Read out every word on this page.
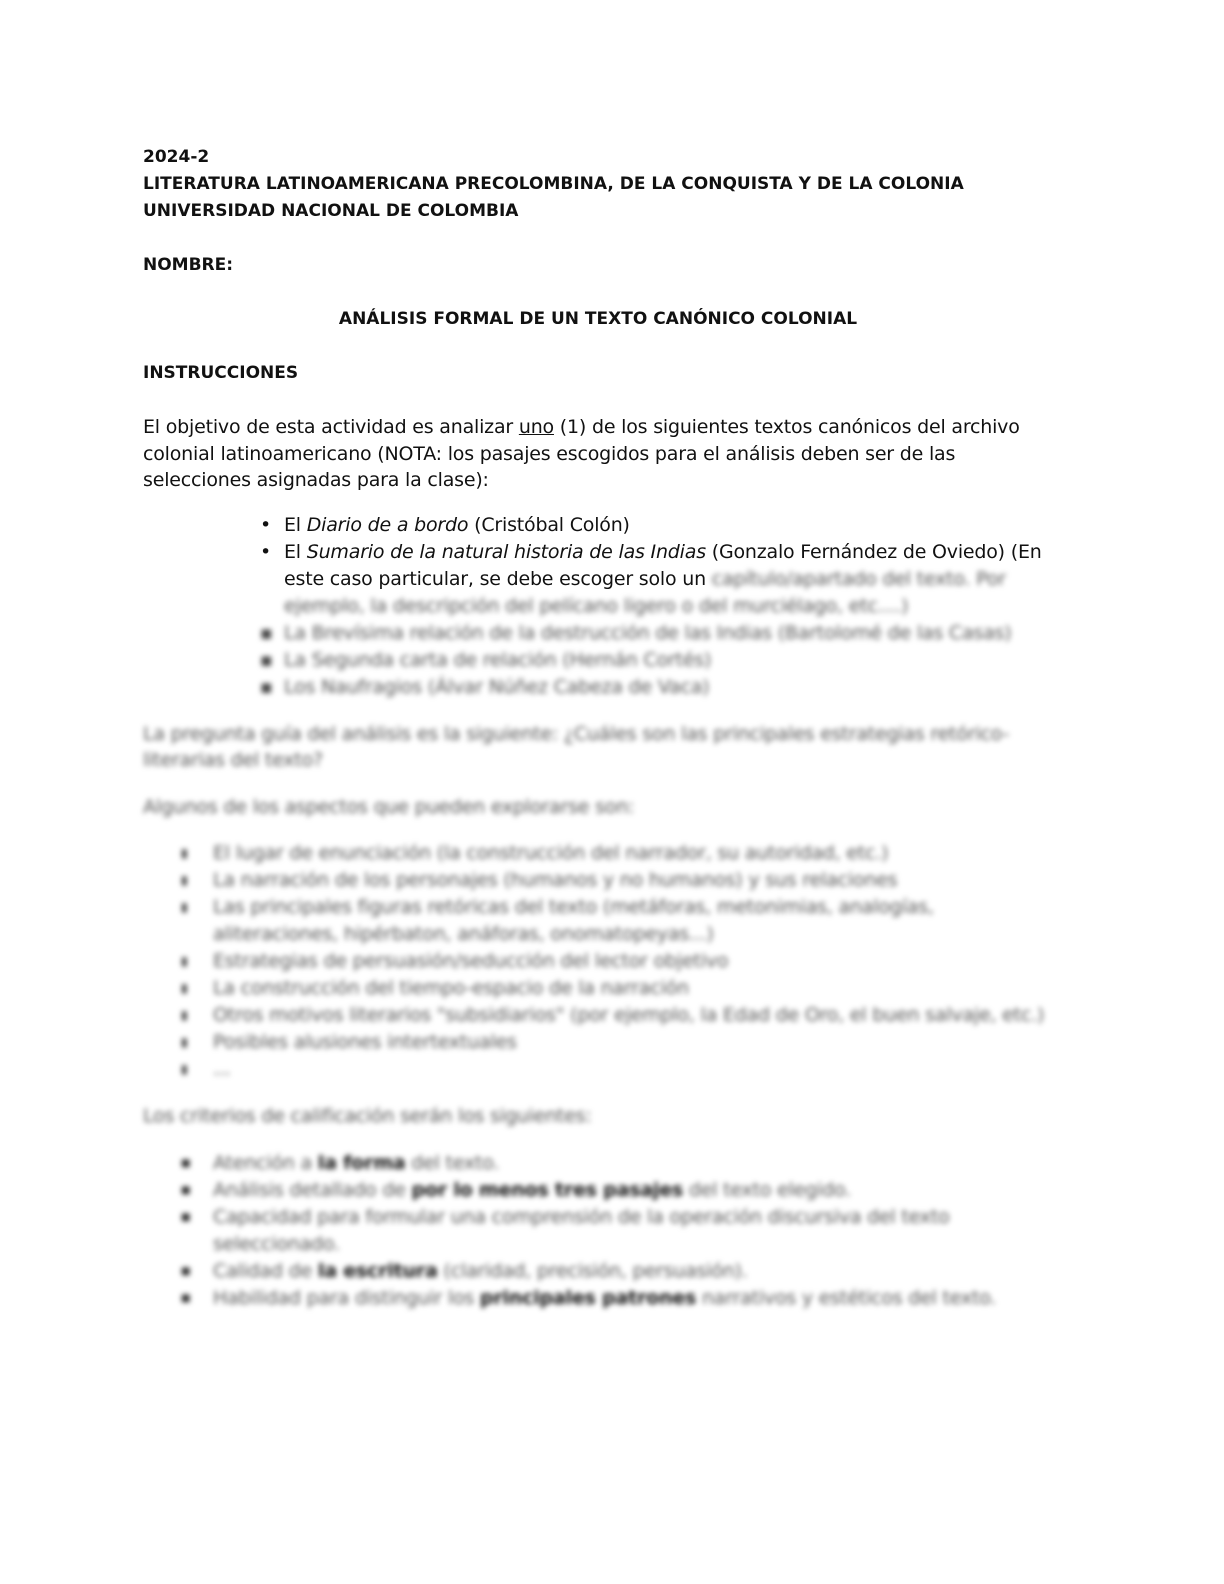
2024-2
LITERATURA LATINOAMERICANA PRECOLOMBINA, DE LA CONQUISTA Y DE LA COLONIA
UNIVERSIDAD NACIONAL DE COLOMBIA
NOMBRE:
ANÁLISIS FORMAL DE UN TEXTO CANÓNICO COLONIAL
INSTRUCCIONES

El objetivo de esta actividad es analizar uno (1) de los siguientes textos canónicos del archivo colonial latinoamericano (NOTA: los pasajes escogidos para el análisis deben ser de las selecciones asignadas para la clase):

• El Diario de a bordo (Cristóbal Colón)
• El Sumario de la natural historia de las Indias (Gonzalo Fernández de Oviedo) (En este caso particular, se debe escoger solo un capítulo/apartado del texto. Por ejemplo, la descripción del pelícano ligero o del murciélago, etc....)
▪ La Brevísima relación de la destrucción de las Indias (Bartolomé de las Casas)
▪ La Segunda carta de relación (Hernán Cortés)
▪ Los Naufragios (Álvar Núñez Cabeza de Vaca)

La pregunta guía del análisis es la siguiente: ¿Cuáles son las principales estrategias retórico-literarias del texto?

Algunos de los aspectos que pueden explorarse son:

▮ El lugar de enunciación (la construcción del narrador, su autoridad, etc.)
▮ La narración de los personajes (humanos y no humanos) y sus relaciones
▮ Las principales figuras retóricas del texto (metáforas, metonimias, analogías, aliteraciones, hipérbaton, anáforas, onomatopeyas...)
▮ Estrategias de persuasión/seducción del lector objetivo
▮ La construcción del tiempo-espacio de la narración
▮ Otros motivos literarios "subsidiarios" (por ejemplo, la Edad de Oro, el buen salvaje, etc.)
▮ Posibles alusiones intertextuales
▮ ...

Los criterios de calificación serán los siguientes:

■ Atención a la forma del texto.
■ Análisis detallado de por lo menos tres pasajes del texto elegido.
■ Capacidad para formular una comprensión de la operación discursiva del texto seleccionado.
■ Calidad de la escritura (claridad, precisión, persuasión).
■ Habilidad para distinguir los principales patrones narrativos y estéticos del texto.
